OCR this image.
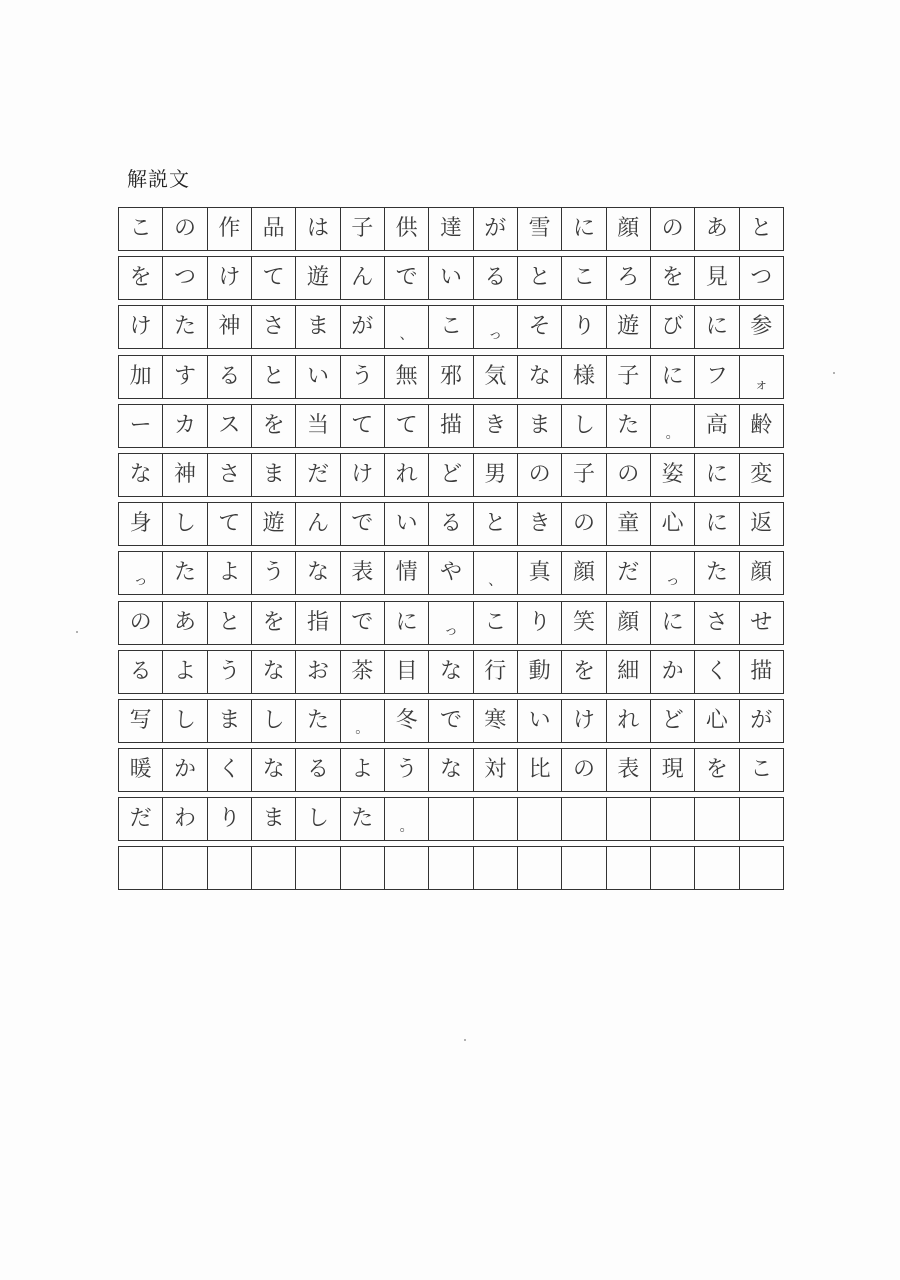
解説文
こ	の	作	品	は	子	供	達	が	雪	に	顔	の	あ	と
を	つ	け	て	遊	ん	で	い	る	と	こ	ろ	を	見	つ
け	た	神	さ	ま	が	、	こ	っ	そ	り	遊	び	に	参
加	す	る	と	い	う	無	邪	気	な	様	子	に	フ	ォ
ー	カ	ス	を	当	て	て	描	き	ま	し	た	。	高	齢
な	神	さ	ま	だ	け	れ	ど	男	の	子	の	姿	に	変
身	し	て	遊	ん	で	い	る	と	き	の	童	心	に	返
っ	た	よ	う	な	表	情	や	、	真	顔	だ	っ	た	顔
の	あ	と	を	指	で	に	っ	こ	り	笑	顔	に	さ	せ
る	よ	う	な	お	茶	目	な	行	動	を	細	か	く	描
写	し	ま	し	た	。	冬	で	寒	い	け	れ	ど	心	が
暖	か	く	な	る	よ	う	な	対	比	の	表	現	を	こ
だ	わ	り	ま	し	た	。
